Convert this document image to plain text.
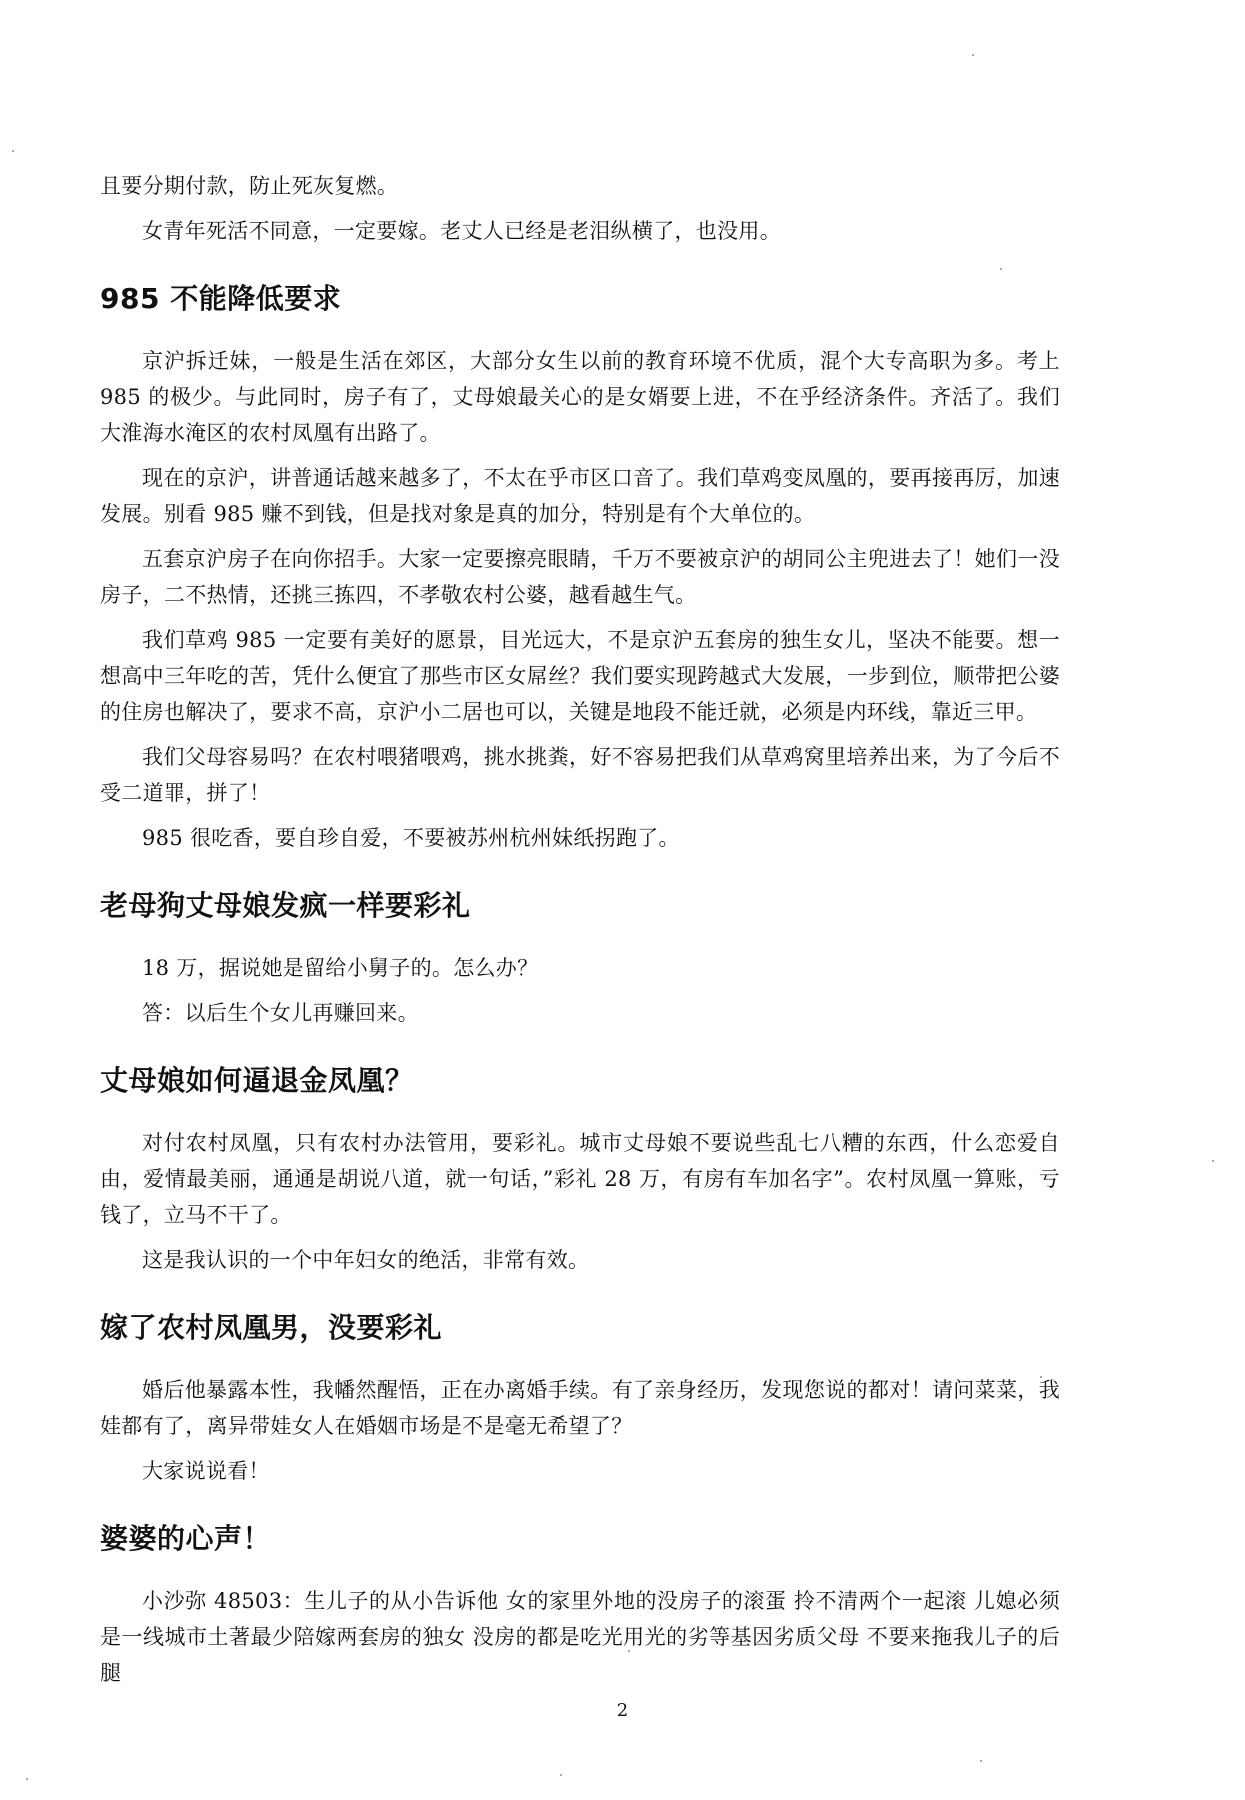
且要分期付款，防止死灰复燃。

女青年死活不同意，一定要嫁。老丈人已经是老泪纵横了，也没用。

985 不能降低要求

京沪拆迁妹，一般是生活在郊区，大部分女生以前的教育环境不优质，混个大专高职为多。考上 985 的极少。与此同时，房子有了，丈母娘最关心的是女婿要上进，不在乎经济条件。齐活了。我们大淮海水淹区的农村凤凰有出路了。

现在的京沪，讲普通话越来越多了，不太在乎市区口音了。我们草鸡变凤凰的，要再接再厉，加速发展。别看 985 赚不到钱，但是找对象是真的加分，特别是有个大单位的。

五套京沪房子在向你招手。大家一定要擦亮眼睛，千万不要被京沪的胡同公主兜进去了！她们一没房子，二不热情，还挑三拣四，不孝敬农村公婆，越看越生气。

我们草鸡 985 一定要有美好的愿景，目光远大，不是京沪五套房的独生女儿，坚决不能要。想一想高中三年吃的苦，凭什么便宜了那些市区女屌丝？我们要实现跨越式大发展，一步到位，顺带把公婆的住房也解决了，要求不高，京沪小二居也可以，关键是地段不能迁就，必须是内环线，靠近三甲。

我们父母容易吗？在农村喂猪喂鸡，挑水挑粪，好不容易把我们从草鸡窝里培养出来，为了今后不受二道罪，拼了！

985 很吃香，要自珍自爱，不要被苏州杭州妹纸拐跑了。

老母狗丈母娘发疯一样要彩礼

18 万，据说她是留给小舅子的。怎么办？

答：以后生个女儿再赚回来。

丈母娘如何逼退金凤凰？

对付农村凤凰，只有农村办法管用，要彩礼。城市丈母娘不要说些乱七八糟的东西，什么恋爱自由，爱情最美丽，通通是胡说八道，就一句话，”彩礼 28 万，有房有车加名字”。农村凤凰一算账，亏钱了，立马不干了。

这是我认识的一个中年妇女的绝活，非常有效。

嫁了农村凤凰男，没要彩礼

婚后他暴露本性，我幡然醒悟，正在办离婚手续。有了亲身经历，发现您说的都对！请问菜菜，我娃都有了，离异带娃女人在婚姻市场是不是毫无希望了？

大家说说看！

婆婆的心声！

小沙弥 48503：生儿子的从小告诉他 女的家里外地的没房子的滚蛋 拎不清两个一起滚 儿媳必须是一线城市土著最少陪嫁两套房的独女 没房的都是吃光用光的劣等基因劣质父母 不要来拖我儿子的后腿

2
